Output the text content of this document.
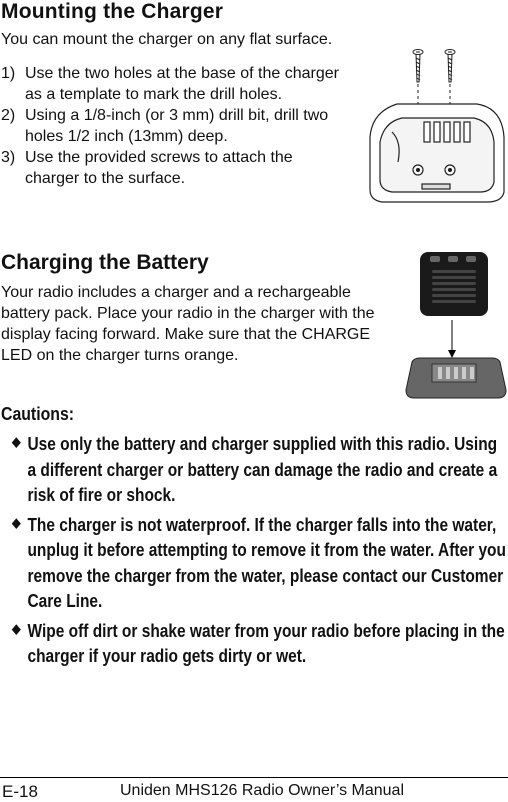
Mounting the Charger
You can mount the charger on any flat surface.
1) Use the two holes at the base of the charger as a template to mark the drill holes.
2) Using a 1/8-inch (or 3 mm) drill bit, drill two holes 1/2 inch (13mm) deep.
3) Use the provided screws to attach the charger to the surface.
Charging the Battery
Your radio includes a charger and a rechargeable battery pack. Place your radio in the charger with the display facing forward. Make sure that the CHARGE LED on the charger turns orange.
Cautions:
◆ Use only the battery and charger supplied with this radio. Using a different charger or battery can damage the radio and create a risk of fire or shock.
◆ The charger is not waterproof. If the charger falls into the water, unplug it before attempting to remove it from the water. After you remove the charger from the water, please contact our Customer Care Line.
◆ Wipe off dirt or shake water from your radio before placing in the charger if your radio gets dirty or wet.
E-18	Uniden MHS126 Radio Owner’s Manual
